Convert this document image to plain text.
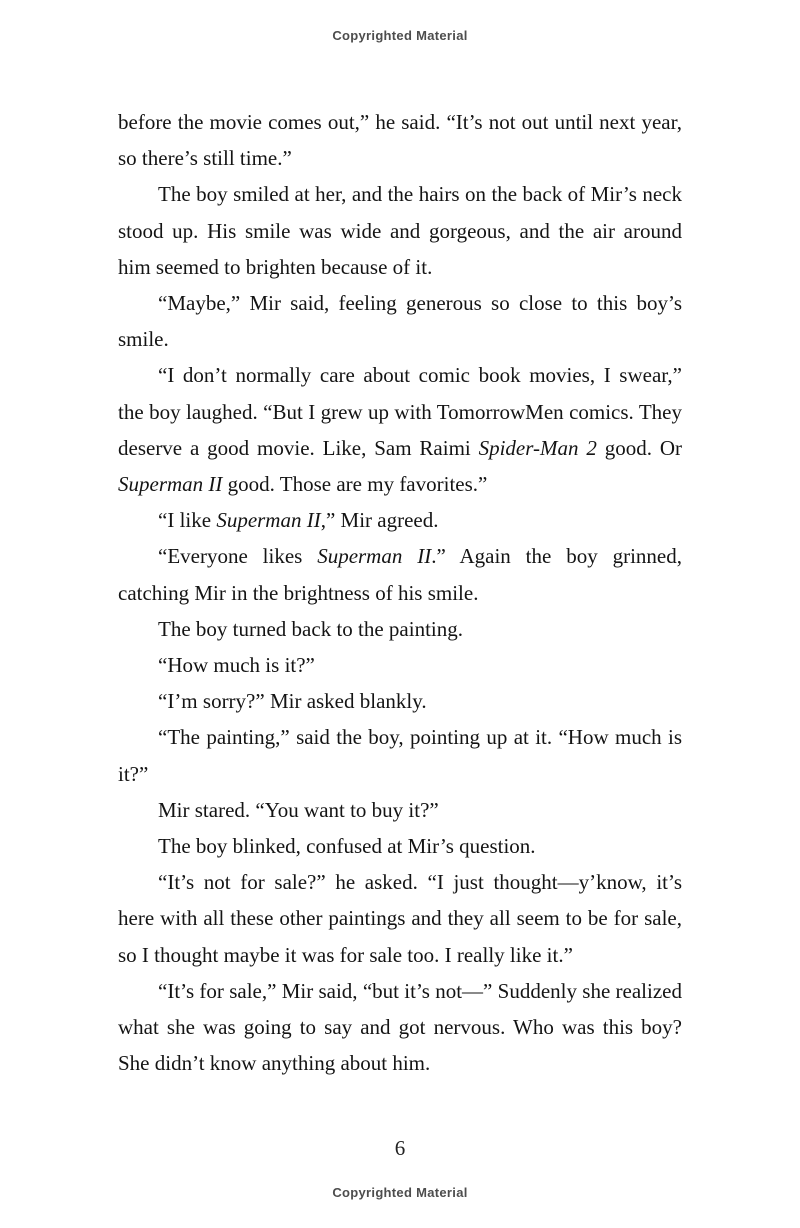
Copyrighted Material

before the movie comes out,” he said. “It’s not out until next year, so there’s still time.”

The boy smiled at her, and the hairs on the back of Mir’s neck stood up. His smile was wide and gorgeous, and the air around him seemed to brighten because of it.

“Maybe,” Mir said, feeling generous so close to this boy’s smile.

“I don’t normally care about comic book movies, I swear,” the boy laughed. “But I grew up with TomorrowMen comics. They deserve a good movie. Like, Sam Raimi Spider-Man 2 good. Or Superman II good. Those are my favorites.”

“I like Superman II,” Mir agreed.

“Everyone likes Superman II.” Again the boy grinned, catching Mir in the brightness of his smile.

The boy turned back to the painting.

“How much is it?”

“I’m sorry?” Mir asked blankly.

“The painting,” said the boy, pointing up at it. “How much is it?”

Mir stared. “You want to buy it?”

The boy blinked, confused at Mir’s question.

“It’s not for sale?” he asked. “I just thought—y’know, it’s here with all these other paintings and they all seem to be for sale, so I thought maybe it was for sale too. I really like it.”

“It’s for sale,” Mir said, “but it’s not—” Suddenly she realized what she was going to say and got nervous. Who was this boy? She didn’t know anything about him.

6
Copyrighted Material
